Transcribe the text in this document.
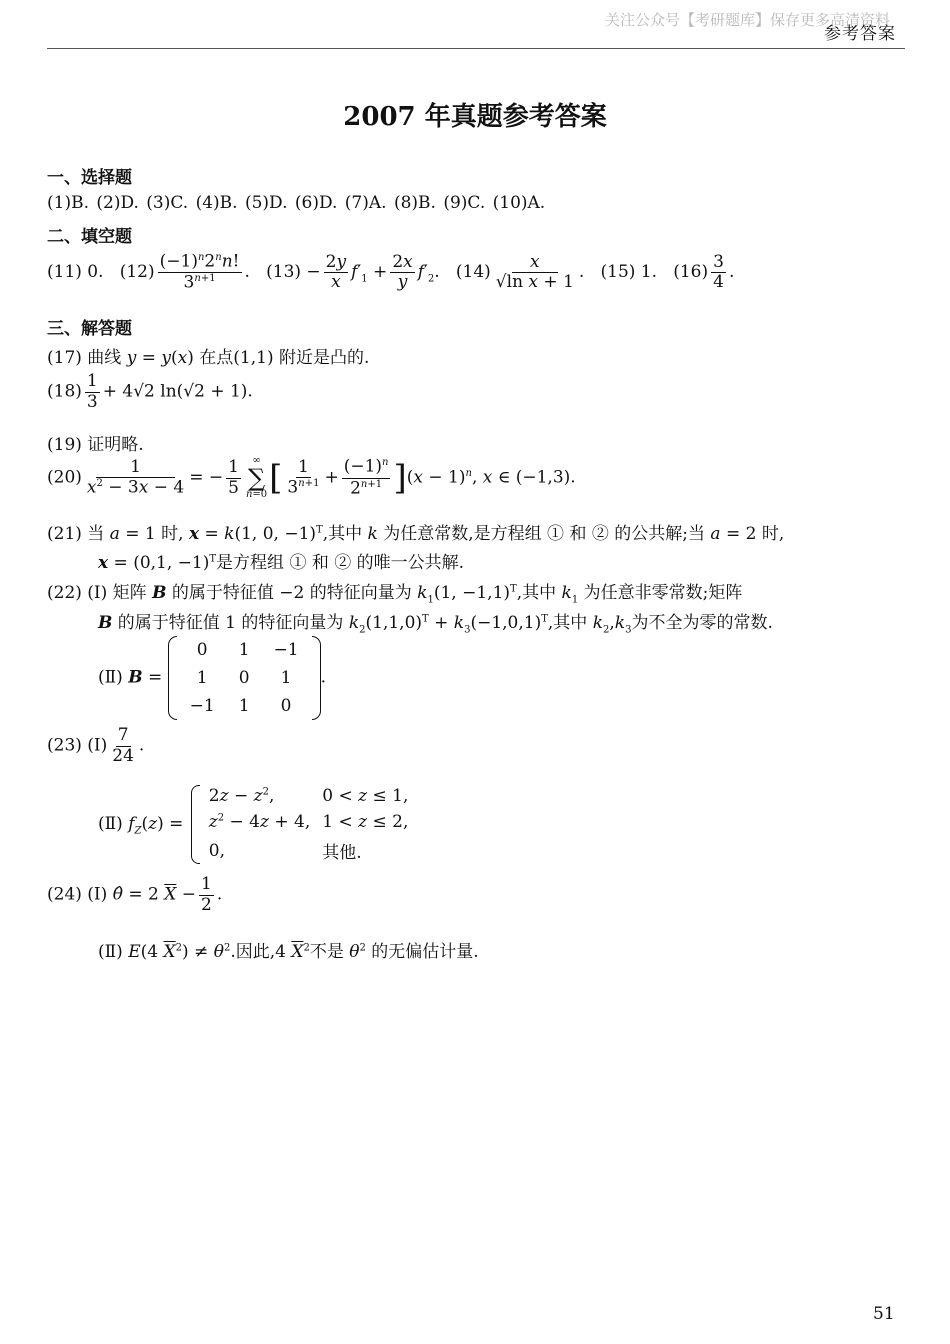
关注公众号【考研题库】保存更多高清资料
参考答案
2007 年真题参考答案
一、选择题
(1)B. (2)D. (3)C. (4)B. (5)D. (6)D. (7)A. (8)B. (9)C. (10)A.
二、填空题
(11) 0.   $(12) \frac{(-1)^n2^nn!}{3^{n+1}}$ .   $(13) - \frac{2y}{x} f'_1 + \frac{2x}{y} f'_2$.   $(14) \frac{x}{\text{√ln x + 1}}$ .   (15) 1.   $(16) \frac{3}{4}$ .
三、解答题
(17) 曲线 y = y(x) 在点(1,1) 附近是凸的.
$(18) \frac{1}{3} + 4√2$ ln(√2 + 1).
(19) 证明略.
$(20) \frac{1}{x^2 - 3x - 4}$ = − $\frac{1}{5}$ ∞
∑
n=0 [ $\frac{1}{3^{n+1}} + \frac{(-1)^n}{2^{n+1}} ](x - 1)^n$, x ∈ (−1,3).
(21) 当 a = 1 时, x = k(1, 0, −1)$^T$,其中 k 为任意常数,是方程组 ① 和 ② 的公共解;当 a = 2 时,
x = (0,1, −1)$^T$是方程组 ① 和 ② 的唯一公共解.
(22) (Ⅰ) 矩阵 B 的属于特征值 −2 的特征向量为 $k_1(1$, −1,1)$^T$,其中 $k_1$ 为任意非零常数;矩阵
B 的属于特征值 1 的特征向量为 $k_2(1,1,0)^T + k_3(-1,0,1)^T$,其中 $k_2,k_3$为不全为零的常数.
(Ⅱ) B =
0	1	−1
1	0	1
−1	1	0
.
(23) (Ⅰ) $\frac{7}{24}$ .
(Ⅱ) $f_Z(z)$ =
$2z - z^2$,	0 < z ≤ 1,
$z^2 - 4z + 4$,	1 < z ≤ 2,
0,	其他.
(24) (Ⅰ) θ̂ = 2 $\overline{X} - \frac{1}{2}$ .
(Ⅱ) E(4 $\overline{X}^2) \ne \theta^2$.因此,4 $\overline{X}^2$不是 $\theta^2$ 的无偏估计量.
51
